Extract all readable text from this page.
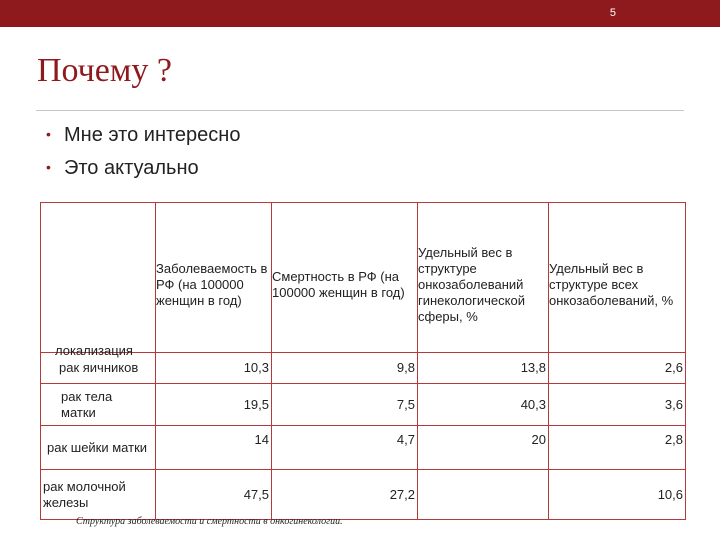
5
Почему ?
• Мне это интересно
• Это актуально
локализация	Заболеваемость в РФ (на 100000 женщин в год)	Смертность в РФ (на 100000 женщин в год)	Удельный вес в структуре онкозаболеваний гинекологической сферы, %	Удельный вес в структуре всех онкозаболеваний, %
рак яичников	10,3	9,8	13,8	2,6

рак тела матки	19,5	7,5	40,3	3,6
рак шейки матки	14	4,7	20	2,8

рак молочной железы	47,5	27,2		10,6
Структура заболеваемости и смертности в онкогинекологии.
